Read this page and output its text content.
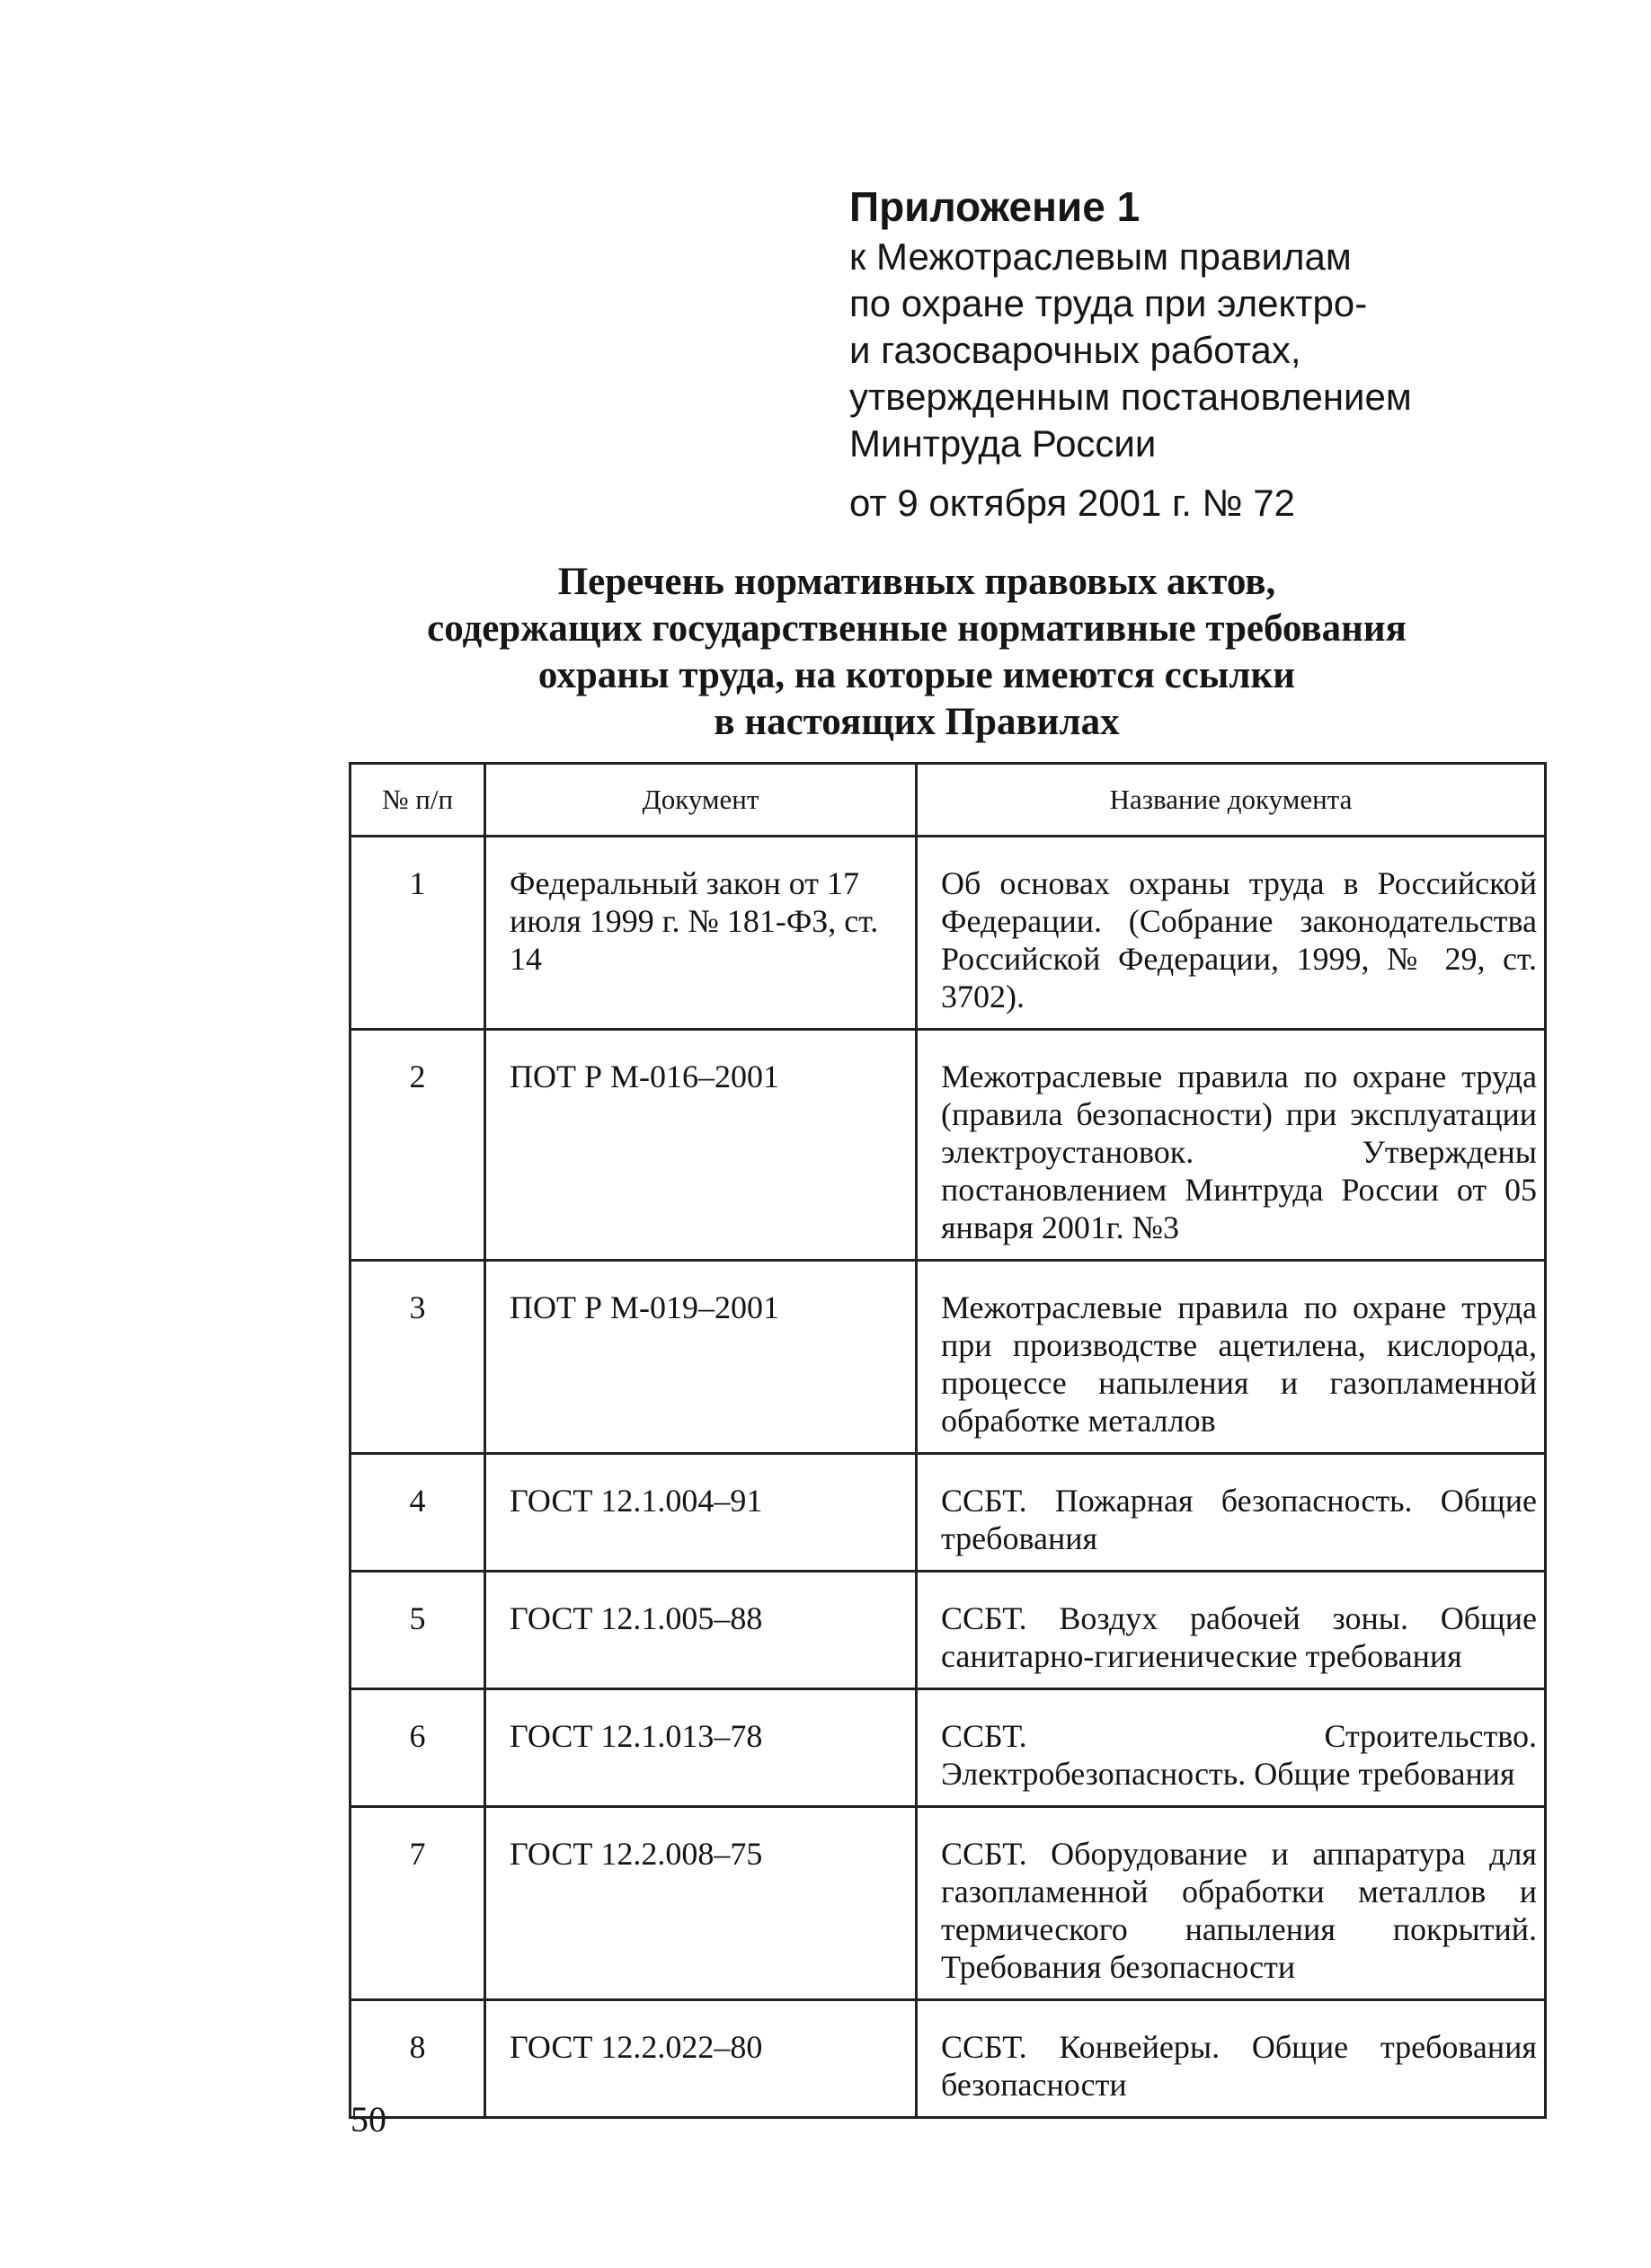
Приложение 1
к Межотраслевым правилам
по охране труда при электро-
и газосварочных работах,
утвержденным постановлением
Минтруда России
от 9 октября 2001 г. № 72
Перечень нормативных правовых актов,
содержащих государственные нормативные требования
охраны труда, на которые имеются ссылки
в настоящих Правилах
№ п/п	Документ	Название документа
1	Федеральный закон от 17 июля 1999 г. № 181-ФЗ, ст. 14	Об основах охраны труда в Российской Федерации. (Собрание законодательства Российской Федерации, 1999, № 29, ст. 3702).
2	ПОТ Р М-016–2001	Межотраслевые правила по охране труда (правила безопасности) при эксплуатации электроустановок. Утверждены постановлением Минтруда России от 05 января 2001г. №3
3	ПОТ Р М-019–2001	Межотраслевые правила по охране труда при производстве ацетилена, кислорода, процессе напыления и газопламенной обработке металлов
4	ГОСТ 12.1.004–91	ССБТ. Пожарная безопасность. Общие требования
5	ГОСТ 12.1.005–88	ССБТ. Воздух рабочей зоны. Общие санитарно-гигиенические требования
6	ГОСТ 12.1.013–78	ССБТ. Строительство. Электробезопасность. Общие требования
7	ГОСТ 12.2.008–75	ССБТ. Оборудование и аппаратура для газопламенной обработки металлов и термического напыления покрытий. Требования безопасности
8	ГОСТ 12.2.022–80	ССБТ. Конвейеры. Общие требования безопасности
50
